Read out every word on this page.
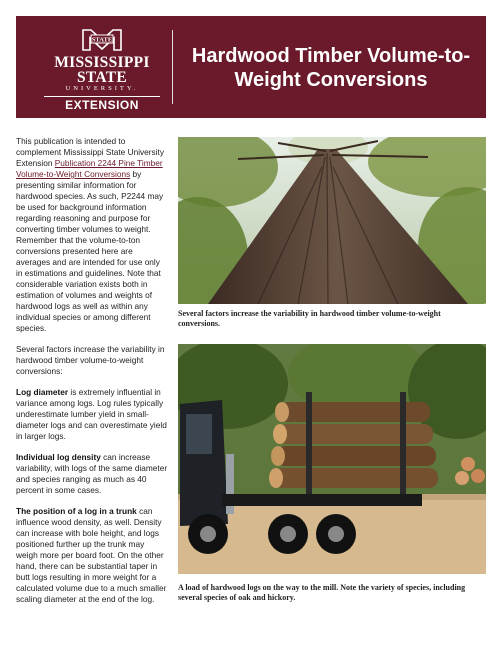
STATE
MISSISSIPPI STATE
UNIVERSITY.
EXTENSION
Hardwood Timber Volume-to-Weight Conversions

This publication is intended to complement Mississippi State University Extension Publication 2244 Pine Timber Volume-to-Weight Conversions by presenting similar information for hardwood species. As such, P2244 may be used for background information regarding reasoning and purpose for converting timber volumes to weight. Remember that the volume-to-ton conversions presented here are averages and are intended for use only in estimations and guidelines. Note that considerable variation exists both in estimation of volumes and weights of hardwood logs as well as within any individual species or among different species.

Several factors increase the variability in hardwood timber volume-to-weight conversions:

Log diameter is extremely influential in variance among logs. Log rules typically underestimate lumber yield in small-diameter logs and can overestimate yield in larger logs.

Individual log density can increase variability, with logs of the same diameter and species ranging as much as 40 percent in some cases.

The position of a log in a trunk can influence wood density, as well. Density can increase with bole height, and logs positioned further up the trunk may weigh more per board foot. On the other hand, there can be substantial taper in butt logs resulting in more weight for a calculated volume due to a much smaller scaling diameter at the end of the log.

Several factors increase the variability in hardwood timber volume-to-weight conversions.
A load of hardwood logs on the way to the mill. Note the variety of species, including several species of oak and hickory.
